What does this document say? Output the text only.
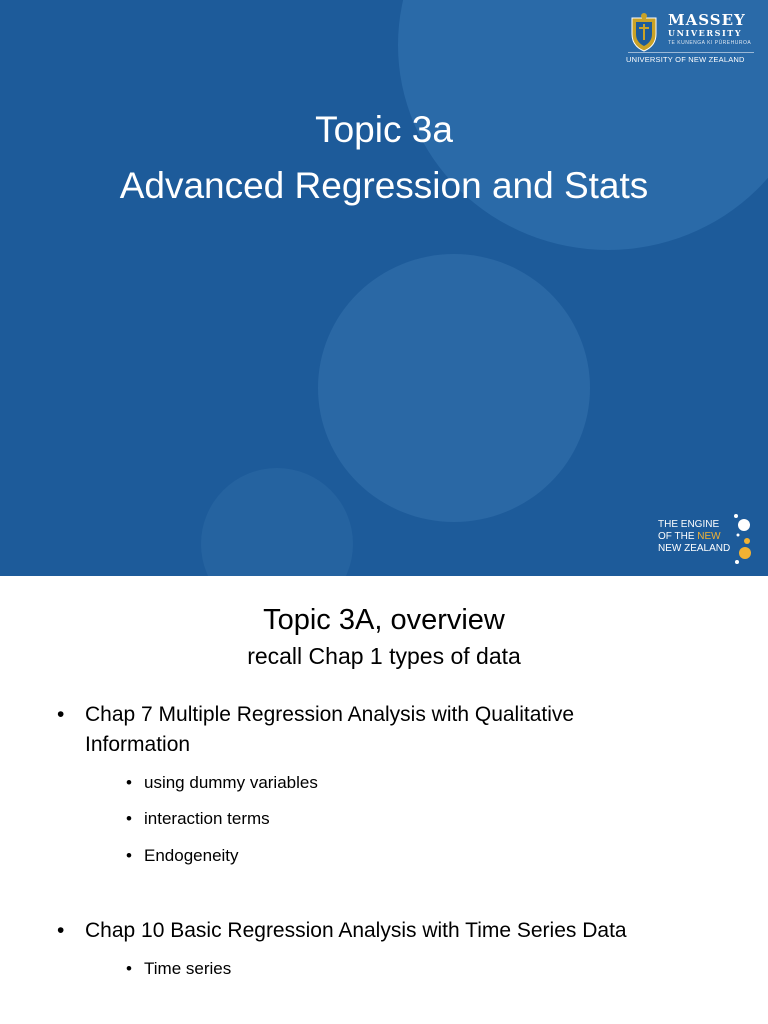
MASSEY
UNIVERSITY
TE KUNENGA KI PŪREHUROA
UNIVERSITY OF NEW ZEALAND
Topic 3a
Advanced Regression and Stats
THE ENGINE
OF THE NEW
NEW ZEALAND
Topic 3A, overview
recall Chap 1 types of data
• Chap 7 Multiple Regression Analysis with Qualitative
Information
• using dummy variables
• interaction terms
• Endogeneity
• Chap 10 Basic Regression Analysis with Time Series Data
• Time series
